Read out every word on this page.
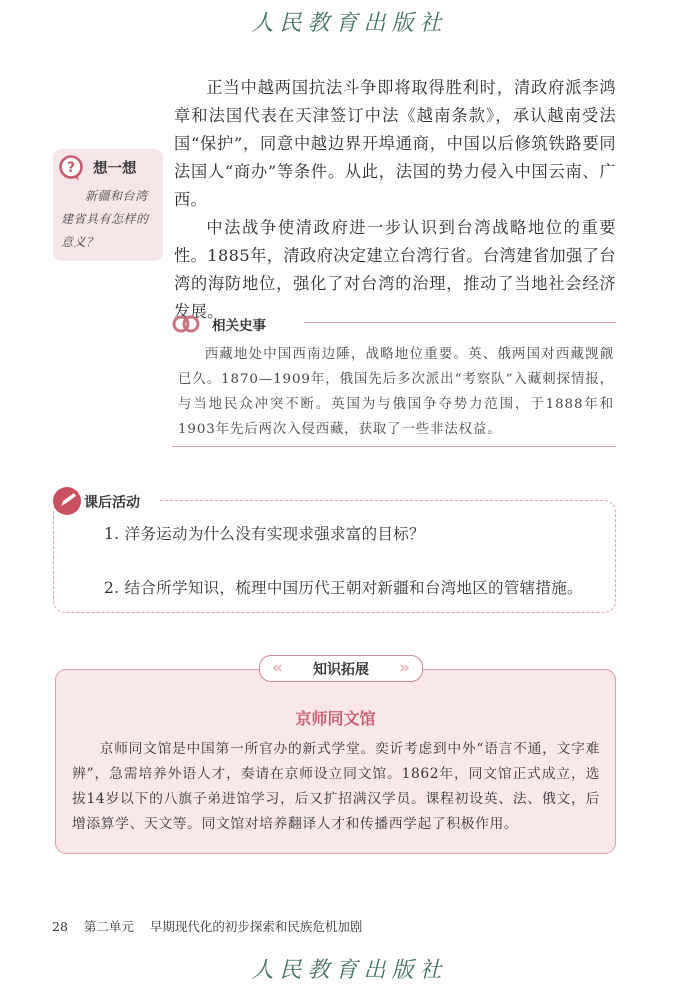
人民教育出版社

正当中越两国抗法斗争即将取得胜利时，清政府派李鸿章和法国代表在天津签订中法《越南条款》，承认越南受法国“保护”，同意中越边界开埠通商，中国以后修筑铁路要同法国人“商办”等条件。从此，法国的势力侵入中国云南、广西。

中法战争使清政府进一步认识到台湾战略地位的重要性。1885年，清政府决定建立台湾行省。台湾建省加强了台湾的海防地位，强化了对台湾的治理，推动了当地社会经济发展。

? 想一想
新疆和台湾建省具有怎样的意义？
相关史事

西藏地处中国西南边陲，战略地位重要。英、俄两国对西藏觊觎已久。1870—1909年，俄国先后多次派出“考察队”入藏刺探情报，与当地民众冲突不断。英国为与俄国争夺势力范围，于1888年和1903年先后两次入侵西藏，获取了一些非法权益。

课后活动
1. 洋务运动为什么没有实现求强求富的目标？
2. 结合所学知识，梳理中国历代王朝对新疆和台湾地区的管辖措施。
«	知识拓展	»
京师同文馆

京师同文馆是中国第一所官办的新式学堂。奕䜣考虑到中外“语言不通，文字难辨”，急需培养外语人才，奏请在京师设立同文馆。1862年，同文馆正式成立，选拔14岁以下的八旗子弟进馆学习，后又扩招满汉学员。课程初设英、法、俄文，后增添算学、天文等。同文馆对培养翻译人才和传播西学起了积极作用。

28 第二单元 早期现代化的初步探索和民族危机加剧
人民教育出版社
